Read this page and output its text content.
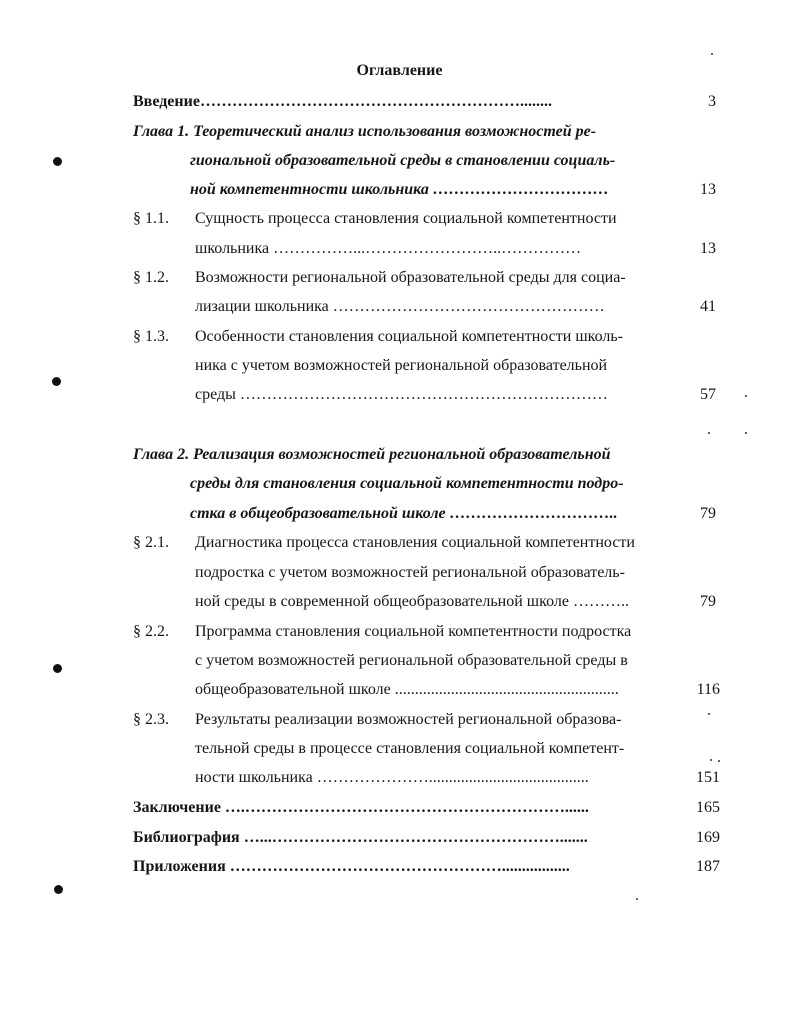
Оглавление
Введение……………………………………………………........	3
Глава 1. Теоретический анализ использования возможностей ре-
гиональной образовательной среды в становлении социаль-
ной компетентности школьника ……………………………	13
§ 1.1. Сущность процесса становления социальной компетентности
школьника ……………...……………………..……………	13
§ 1.2. Возможности региональной образовательной среды для социа-
лизации школьника ……………………………………………	41
§ 1.3. Особенности становления социальной компетентности школь-
ника с учетом возможностей региональной образовательной
среды ……………………………………………………………	57
Глава 2. Реализация возможностей региональной образовательной
среды для становления социальной компетентности подро-
стка в общеобразовательной школе …………………………..	79
§ 2.1. Диагностика процесса становления социальной компетентности
подростка с учетом возможностей региональной образователь-
ной среды в современной общеобразовательной школе ………..	79
§ 2.2. Программа становления социальной компетентности подростка
с учетом возможностей региональной образовательной среды в
общеобразовательной школе ........................................................	116
§ 2.3. Результаты реализации возможностей региональной образова-
тельной среды в процессе становления социальной компетент-
ности школьника …………………........................................	151
Заключение ….……………………………………………………......	165
Библиография …...……………………………………………….......	169
Приложения …………………………………………….................	187
